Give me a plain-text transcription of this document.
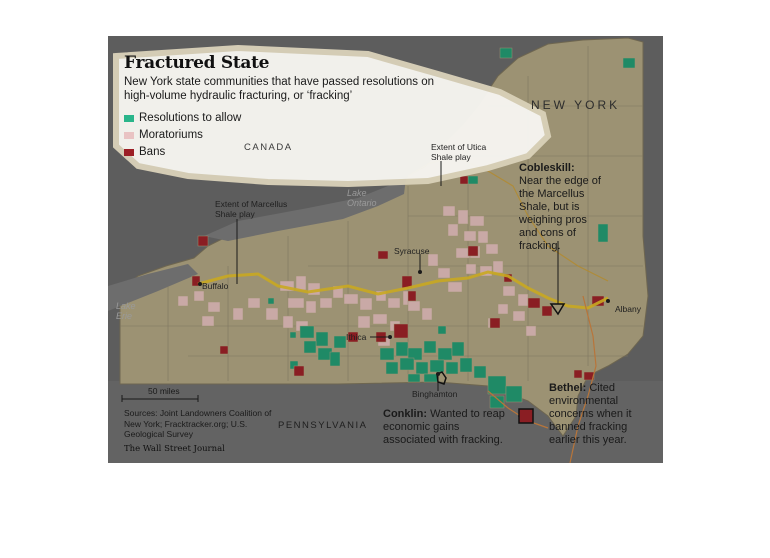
Fractured State
New York state communities that have passed resolutions on high-volume hydraulic fracturing, or ‘fracking’
Resolutions to allow
Moratoriums
Bans
NEW YORK
CANADA
PENNSYLVANIA
Lake Ontario
Lake Erie
Extent of Utica Shale play
Extent of Marcellus Shale play
Buffalo
Syracuse
Ithica
Binghamton
Albany
Cobleskill: Near the edge of the Marcellus Shale, but is weighing pros and cons of fracking.
Conklin: Wanted to reap economic gains associated with fracking.
Bethel: Cited environmental concerns when it banned fracking earlier this year.
50 miles
Sources: Joint Landowners Coalition of New York; Fracktracker.org; U.S. Geological Survey
The Wall Street Journal
